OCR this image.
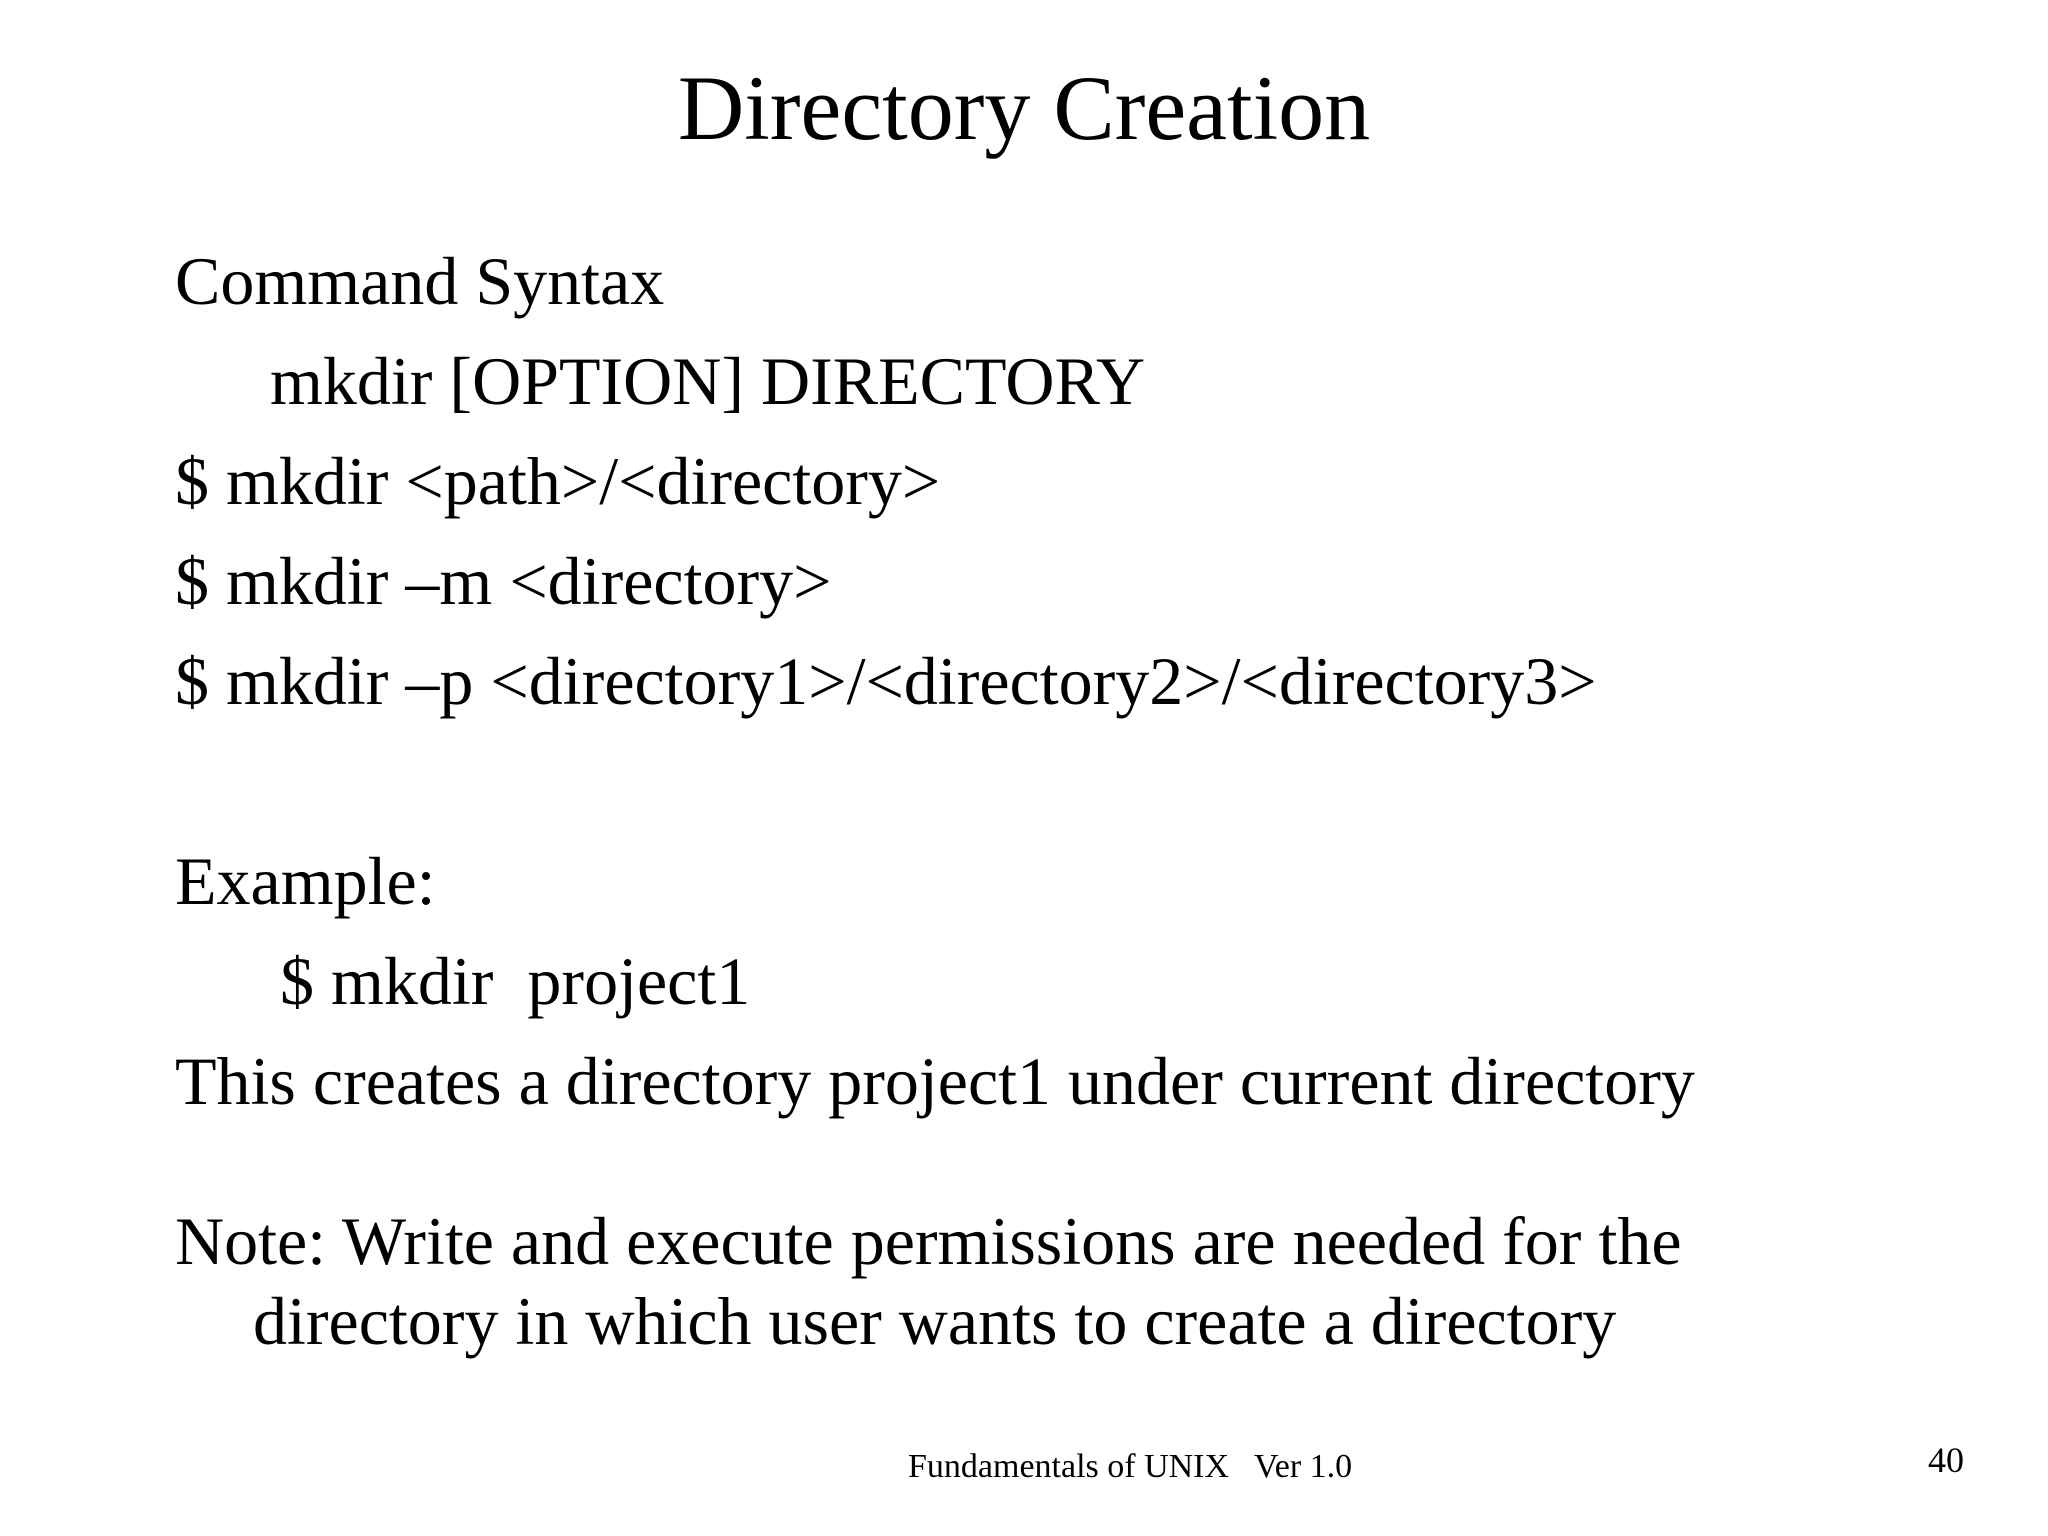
Directory Creation
Command Syntax
mkdir [OPTION] DIRECTORY
$ mkdir <path>/<directory>
$ mkdir –m <directory>
$ mkdir –p <directory1>/<directory2>/<directory3>
Example:
$ mkdir  project1
This creates a directory project1 under current directory
Note: Write and execute permissions are needed for the
directory in which user wants to create a directory
Fundamentals of UNIX   Ver 1.0	40
